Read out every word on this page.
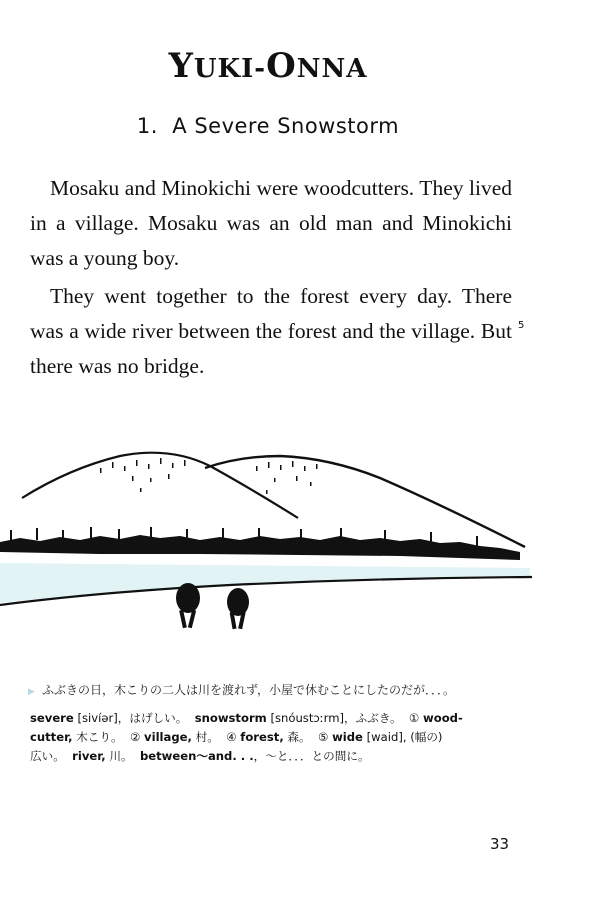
YUKI-ONNA
1. A Severe Snowstorm

Mosaku and Minokichi were woodcutters. They lived in a village. Mosaku was an old man and Minokichi was a young boy.

They went together to the forest every day. There was a wide river between the forest and the village. But there was no bridge.

5
▶ ふぶきの日，木こりの二人は川を渡れず，小屋で休むことにしたのだが．．．。
severe [sivíər]，はげしい。 snowstorm [snóustɔːrm]，ふぶき。 ① wood-
cutter, 木こり。 ② village, 村。 ④ forest, 森。 ⑤ wide [waid], (幅の)
広い。 river, 川。 between～and. . .，～と．．．との間に。
33
